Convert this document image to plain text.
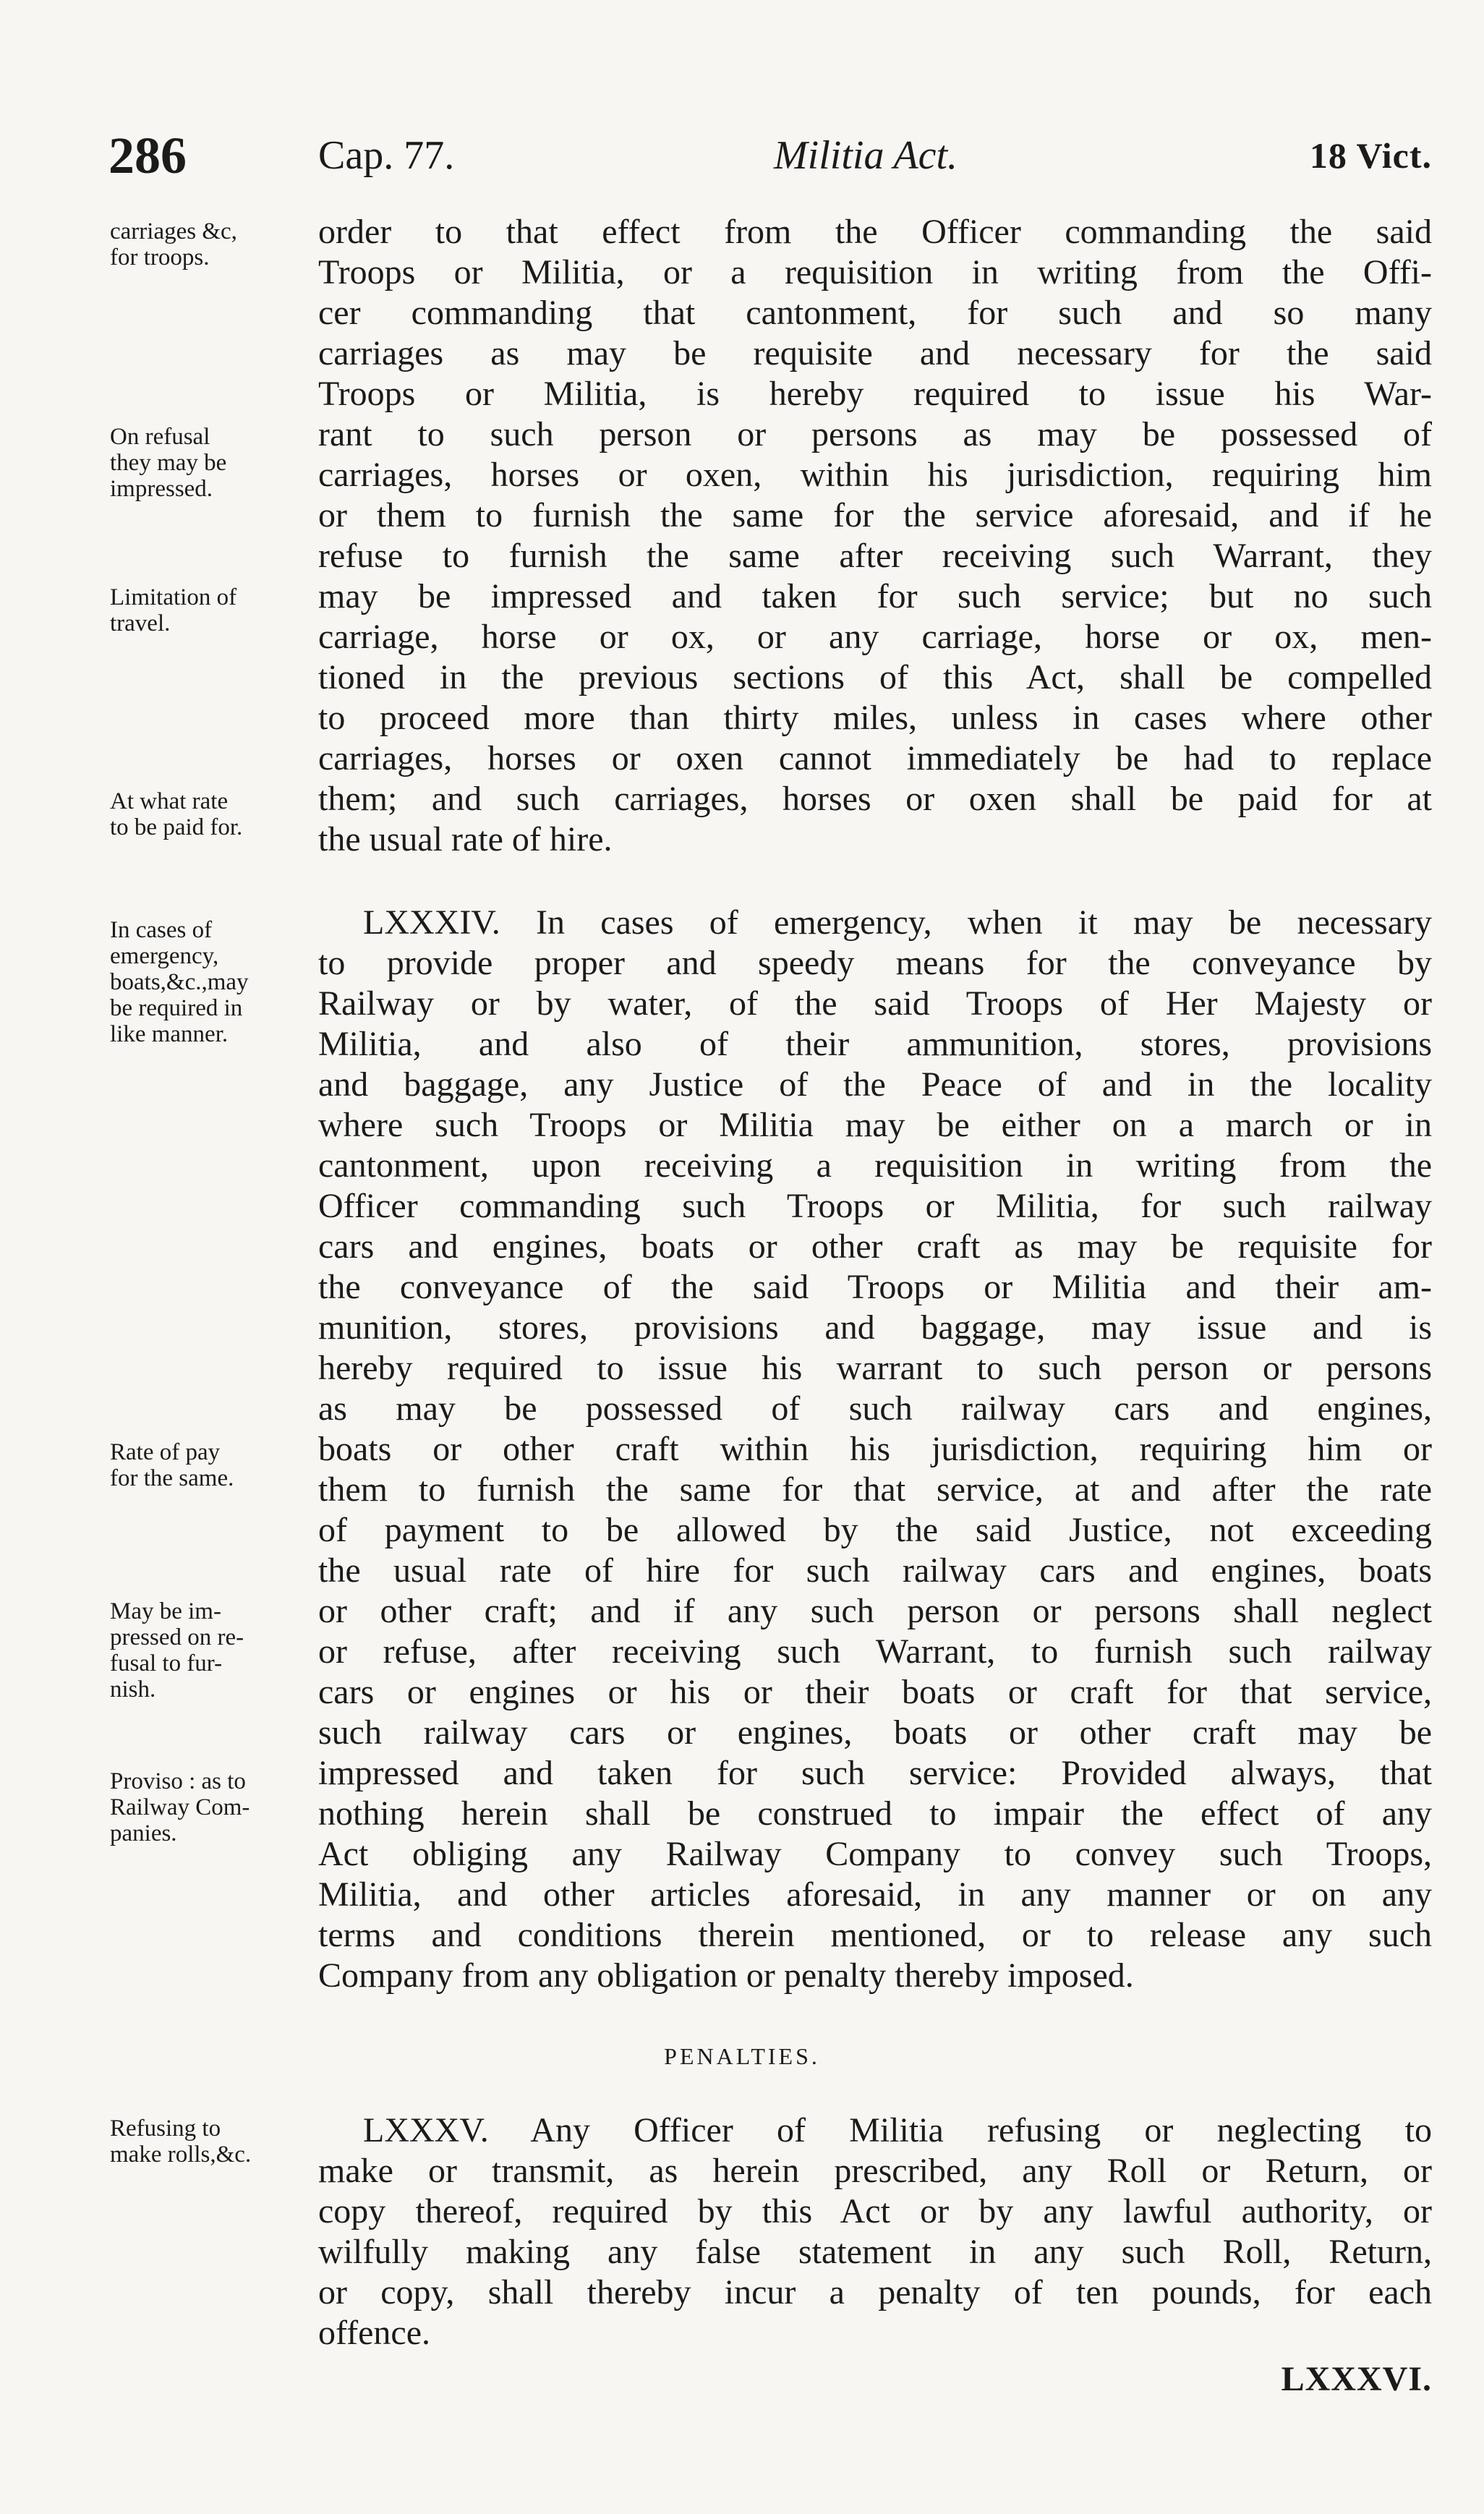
286	Cap. 77.	Militia Act.	18 Vict.
carriages &c,
for troops.
On refusal
they may be
impressed.
Limitation of
travel.
At what rate
to be paid for.
In cases of
emergency,
boats,&c.,may
be required in
like manner.
Rate of pay
for the same.
May be im-
pressed on re-
fusal to fur-
nish.
Proviso : as to
Railway Com-
panies.
Refusing to
make rolls,&c.
order to that effect from the Officer commanding the said
Troops or Militia, or a requisition in writing from the Offi-
cer commanding that cantonment, for such and so many
carriages as may be requisite and necessary for the said
Troops or Militia, is hereby required to issue his War-
rant to such person or persons as may be possessed of
carriages, horses or oxen, within his jurisdiction, requiring him
or them to furnish the same for the service aforesaid, and if he
refuse to furnish the same after receiving such Warrant, they
may be impressed and taken for such service; but no such
carriage, horse or ox, or any carriage, horse or ox, men-
tioned in the previous sections of this Act, shall be compelled
to proceed more than thirty miles, unless in cases where other
carriages, horses or oxen cannot immediately be had to replace
them; and such carriages, horses or oxen shall be paid for at
the usual rate of hire.
LXXXIV. In cases of emergency, when it may be necessary
to provide proper and speedy means for the conveyance by
Railway or by water, of the said Troops of Her Majesty or
Militia, and also of their ammunition, stores, provisions
and baggage, any Justice of the Peace of and in the locality
where such Troops or Militia may be either on a march or in
cantonment, upon receiving a requisition in writing from the
Officer commanding such Troops or Militia, for such railway
cars and engines, boats or other craft as may be requisite for
the conveyance of the said Troops or Militia and their am-
munition, stores, provisions and baggage, may issue and is
hereby required to issue his warrant to such person or persons
as may be possessed of such railway cars and engines,
boats or other craft within his jurisdiction, requiring him or
them to furnish the same for that service, at and after the rate
of payment to be allowed by the said Justice, not exceeding
the usual rate of hire for such railway cars and engines, boats
or other craft; and if any such person or persons shall neglect
or refuse, after receiving such Warrant, to furnish such railway
cars or engines or his or their boats or craft for that service,
such railway cars or engines, boats or other craft may be
impressed and taken for such service: Provided always, that
nothing herein shall be construed to impair the effect of any
Act obliging any Railway Company to convey such Troops,
Militia, and other articles aforesaid, in any manner or on any
terms and conditions therein mentioned, or to release any such
Company from any obligation or penalty thereby imposed.
PENALTIES.
LXXXV. Any Officer of Militia refusing or neglecting to
make or transmit, as herein prescribed, any Roll or Return, or
copy thereof, required by this Act or by any lawful authority, or
wilfully making any false statement in any such Roll, Return,
or copy, shall thereby incur a penalty of ten pounds, for each
offence.
LXXXVI.
